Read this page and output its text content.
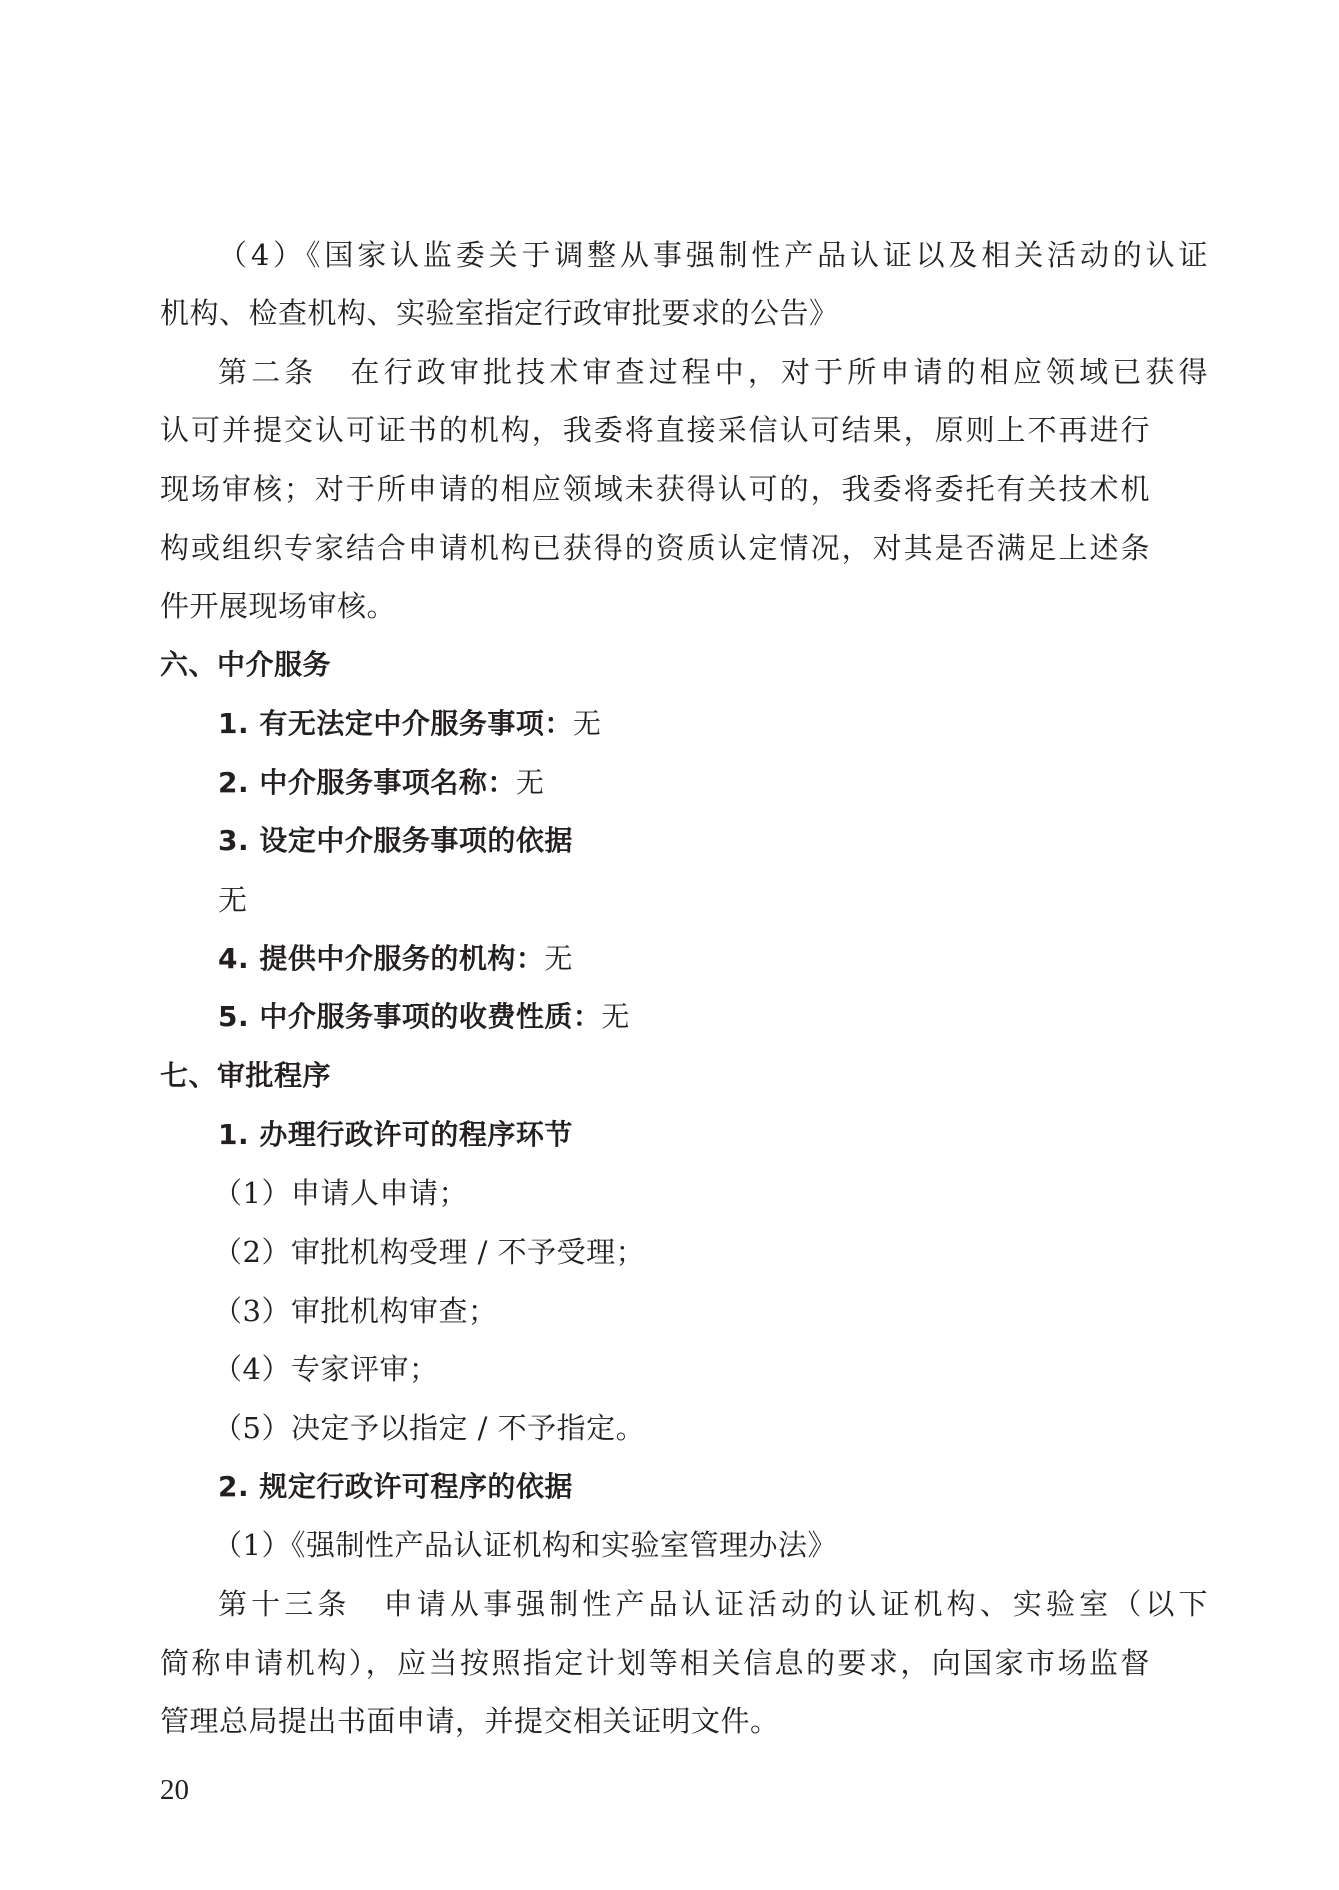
（4）《国家认监委关于调整从事强制性产品认证以及相关活动的认证
机构、检查机构、实验室指定行政审批要求的公告》
第二条　在行政审批技术审查过程中，对于所申请的相应领域已获得
认可并提交认可证书的机构，我委将直接采信认可结果，原则上不再进行
现场审核；对于所申请的相应领域未获得认可的，我委将委托有关技术机
构或组织专家结合申请机构已获得的资质认定情况，对其是否满足上述条
件开展现场审核。
六、中介服务
1. 有无法定中介服务事项：无
2. 中介服务事项名称：无
3. 设定中介服务事项的依据
无
4. 提供中介服务的机构：无
5. 中介服务事项的收费性质：无
七、审批程序
1. 办理行政许可的程序环节
（1）申请人申请；
（2）审批机构受理 / 不予受理；
（3）审批机构审查；
（4）专家评审；
（5）决定予以指定 / 不予指定。
2. 规定行政许可程序的依据
（1）《强制性产品认证机构和实验室管理办法》
第十三条　申请从事强制性产品认证活动的认证机构、实验室（以下
简称申请机构），应当按照指定计划等相关信息的要求，向国家市场监督
管理总局提出书面申请，并提交相关证明文件。
20
